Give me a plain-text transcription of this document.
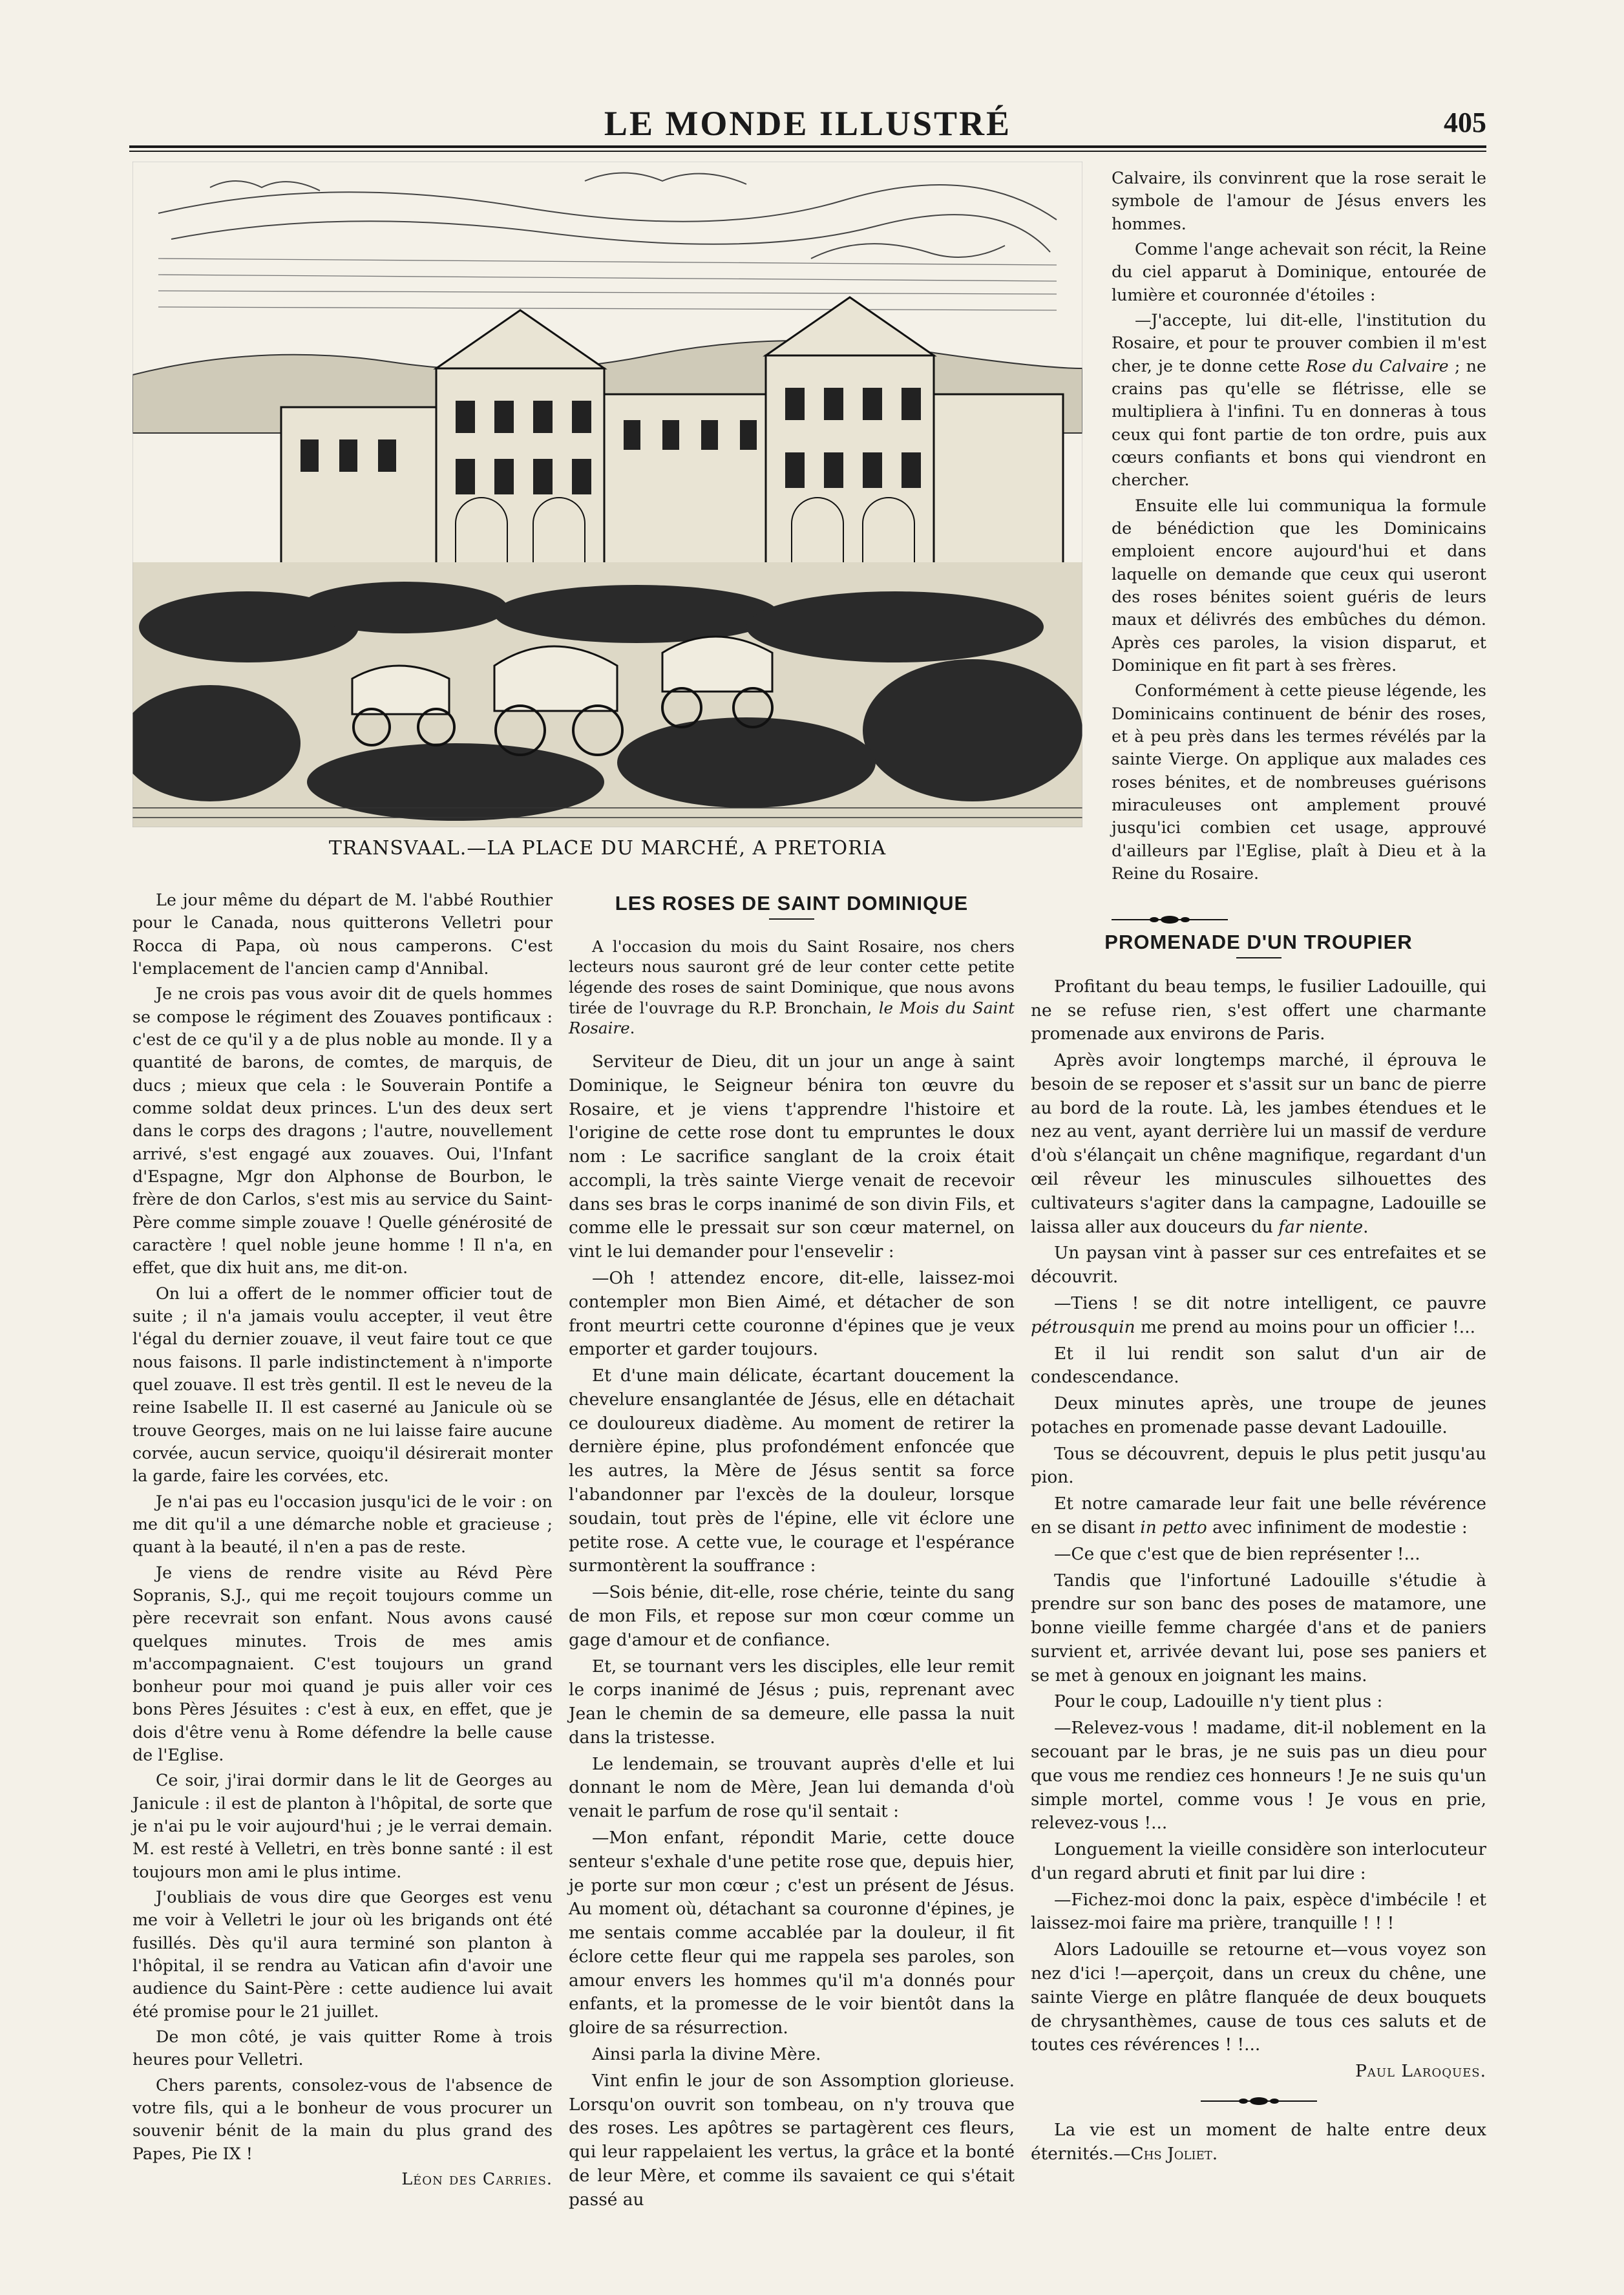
LE MONDE ILLUSTRÉ	405
TRANSVAAL.—LA PLACE DU MARCHÉ, A PRETORIA

Le jour même du départ de M. l'abbé Routhier pour le Canada, nous quitterons Velletri pour Rocca di Papa, où nous camperons. C'est l'emplacement de l'ancien camp d'Annibal.

Je ne crois pas vous avoir dit de quels hommes se compose le régiment des Zouaves pontificaux : c'est de ce qu'il y a de plus noble au monde. Il y a quantité de barons, de comtes, de marquis, de ducs ; mieux que cela : le Souverain Pontife a comme soldat deux princes. L'un des deux sert dans le corps des dragons ; l'autre, nouvellement arrivé, s'est engagé aux zouaves. Oui, l'Infant d'Espagne, Mgr don Alphonse de Bourbon, le frère de don Carlos, s'est mis au service du Saint-Père comme simple zouave ! Quelle générosité de caractère ! quel noble jeune homme ! Il n'a, en effet, que dix huit ans, me dit-on.

On lui a offert de le nommer officier tout de suite ; il n'a jamais voulu accepter, il veut être l'égal du dernier zouave, il veut faire tout ce que nous faisons. Il parle indistinctement à n'importe quel zouave. Il est très gentil. Il est le neveu de la reine Isabelle II. Il est caserné au Janicule où se trouve Georges, mais on ne lui laisse faire aucune corvée, aucun service, quoiqu'il désirerait monter la garde, faire les corvées, etc.

Je n'ai pas eu l'occasion jusqu'ici de le voir : on me dit qu'il a une démarche noble et gracieuse ; quant à la beauté, il n'en a pas de reste.

Je viens de rendre visite au Révd Père Sopranis, S.J., qui me reçoit toujours comme un père recevrait son enfant. Nous avons causé quelques minutes. Trois de mes amis m'accompagnaient. C'est toujours un grand bonheur pour moi quand je puis aller voir ces bons Pères Jésuites : c'est à eux, en effet, que je dois d'être venu à Rome défendre la belle cause de l'Eglise.

Ce soir, j'irai dormir dans le lit de Georges au Janicule : il est de planton à l'hôpital, de sorte que je n'ai pu le voir aujourd'hui ; je le verrai demain. M. est resté à Velletri, en très bonne santé : il est toujours mon ami le plus intime.

J'oubliais de vous dire que Georges est venu me voir à Velletri le jour où les brigands ont été fusillés. Dès qu'il aura terminé son planton à l'hôpital, il se rendra au Vatican afin d'avoir une audience du Saint-Père : cette audience lui avait été promise pour le 21 juillet.

De mon côté, je vais quitter Rome à trois heures pour Velletri.

Chers parents, consolez-vous de l'absence de votre fils, qui a le bonheur de vous procurer un souvenir bénit de la main du plus grand des Papes, Pie IX !

Léon des Carries.

LES ROSES DE SAINT DOMINIQUE

A l'occasion du mois du Saint Rosaire, nos chers lecteurs nous sauront gré de leur conter cette petite légende des roses de saint Dominique, que nous avons tirée de l'ouvrage du R.P. Bronchain, le Mois du Saint Rosaire.

Serviteur de Dieu, dit un jour un ange à saint Dominique, le Seigneur bénira ton œuvre du Rosaire, et je viens t'apprendre l'histoire et l'origine de cette rose dont tu empruntes le doux nom : Le sacrifice sanglant de la croix était accompli, la très sainte Vierge venait de recevoir dans ses bras le corps inanimé de son divin Fils, et comme elle le pressait sur son cœur maternel, on vint le lui demander pour l'ensevelir :

—Oh ! attendez encore, dit-elle, laissez-moi contempler mon Bien Aimé, et détacher de son front meurtri cette couronne d'épines que je veux emporter et garder toujours.

Et d'une main délicate, écartant doucement la chevelure ensanglantée de Jésus, elle en détachait ce douloureux diadème. Au moment de retirer la dernière épine, plus profondément enfoncée que les autres, la Mère de Jésus sentit sa force l'abandonner par l'excès de la douleur, lorsque soudain, tout près de l'épine, elle vit éclore une petite rose. A cette vue, le courage et l'espérance surmontèrent la souffrance :

—Sois bénie, dit-elle, rose chérie, teinte du sang de mon Fils, et repose sur mon cœur comme un gage d'amour et de confiance.

Et, se tournant vers les disciples, elle leur remit le corps inanimé de Jésus ; puis, reprenant avec Jean le chemin de sa demeure, elle passa la nuit dans la tristesse.

Le lendemain, se trouvant auprès d'elle et lui donnant le nom de Mère, Jean lui demanda d'où venait le parfum de rose qu'il sentait :

—Mon enfant, répondit Marie, cette douce senteur s'exhale d'une petite rose que, depuis hier, je porte sur mon cœur ; c'est un présent de Jésus. Au moment où, détachant sa couronne d'épines, je me sentais comme accablée par la douleur, il fit éclore cette fleur qui me rappela ses paroles, son amour envers les hommes qu'il m'a donnés pour enfants, et la promesse de le voir bientôt dans la gloire de sa résurrection.

Ainsi parla la divine Mère.

Vint enfin le jour de son Assomption glorieuse. Lorsqu'on ouvrit son tombeau, on n'y trouva que des roses. Les apôtres se partagèrent ces fleurs, qui leur rappelaient les vertus, la grâce et la bonté de leur Mère, et comme ils savaient ce qui s'était passé au

Calvaire, ils convinrent que la rose serait le symbole de l'amour de Jésus envers les hommes.

Comme l'ange achevait son récit, la Reine du ciel apparut à Dominique, entourée de lumière et couronnée d'étoiles :

—J'accepte, lui dit-elle, l'institution du Rosaire, et pour te prouver combien il m'est cher, je te donne cette Rose du Calvaire ; ne crains pas qu'elle se flétrisse, elle se multipliera à l'infini. Tu en donneras à tous ceux qui font partie de ton ordre, puis aux cœurs confiants et bons qui viendront en chercher.

Ensuite elle lui communiqua la formule de bénédiction que les Dominicains emploient encore aujourd'hui et dans laquelle on demande que ceux qui useront des roses bénites soient guéris de leurs maux et délivrés des embûches du démon. Après ces paroles, la vision disparut, et Dominique en fit part à ses frères.

Conformément à cette pieuse légende, les Dominicains continuent de bénir des roses, et à peu près dans les termes révélés par la sainte Vierge. On applique aux malades ces roses bénites, et de nombreuses guérisons miraculeuses ont amplement prouvé jusqu'ici combien cet usage, approuvé d'ailleurs par l'Eglise, plaît à Dieu et à la Reine du Rosaire.

PROMENADE D'UN TROUPIER

Profitant du beau temps, le fusilier Ladouille, qui ne se refuse rien, s'est offert une charmante promenade aux environs de Paris.

Après avoir longtemps marché, il éprouva le besoin de se reposer et s'assit sur un banc de pierre au bord de la route. Là, les jambes étendues et le nez au vent, ayant derrière lui un massif de verdure d'où s'élançait un chêne magnifique, regardant d'un œil rêveur les minuscules silhouettes des cultivateurs s'agiter dans la campagne, Ladouille se laissa aller aux douceurs du far niente.

Un paysan vint à passer sur ces entrefaites et se découvrit.

—Tiens ! se dit notre intelligent, ce pauvre pétrousquin me prend au moins pour un officier !...

Et il lui rendit son salut d'un air de condescendance.

Deux minutes après, une troupe de jeunes potaches en promenade passe devant Ladouille.

Tous se découvrent, depuis le plus petit jusqu'au pion.

Et notre camarade leur fait une belle révérence en se disant in petto avec infiniment de modestie :

—Ce que c'est que de bien représenter !...

Tandis que l'infortuné Ladouille s'étudie à prendre sur son banc des poses de matamore, une bonne vieille femme chargée d'ans et de paniers survient et, arrivée devant lui, pose ses paniers et se met à genoux en joignant les mains.

Pour le coup, Ladouille n'y tient plus :

—Relevez-vous ! madame, dit-il noblement en la secouant par le bras, je ne suis pas un dieu pour que vous me rendiez ces honneurs ! Je ne suis qu'un simple mortel, comme vous ! Je vous en prie, relevez-vous !...

Longuement la vieille considère son interlocuteur d'un regard abruti et finit par lui dire :

—Fichez-moi donc la paix, espèce d'imbécile ! et laissez-moi faire ma prière, tranquille ! ! !

Alors Ladouille se retourne et—vous voyez son nez d'ici !—aperçoit, dans un creux du chêne, une sainte Vierge en plâtre flanquée de deux bouquets de chrysanthèmes, cause de tous ces saluts et de toutes ces révérences ! !...

Paul Laroques.

La vie est un moment de halte entre deux éternités.—Chs Joliet.
